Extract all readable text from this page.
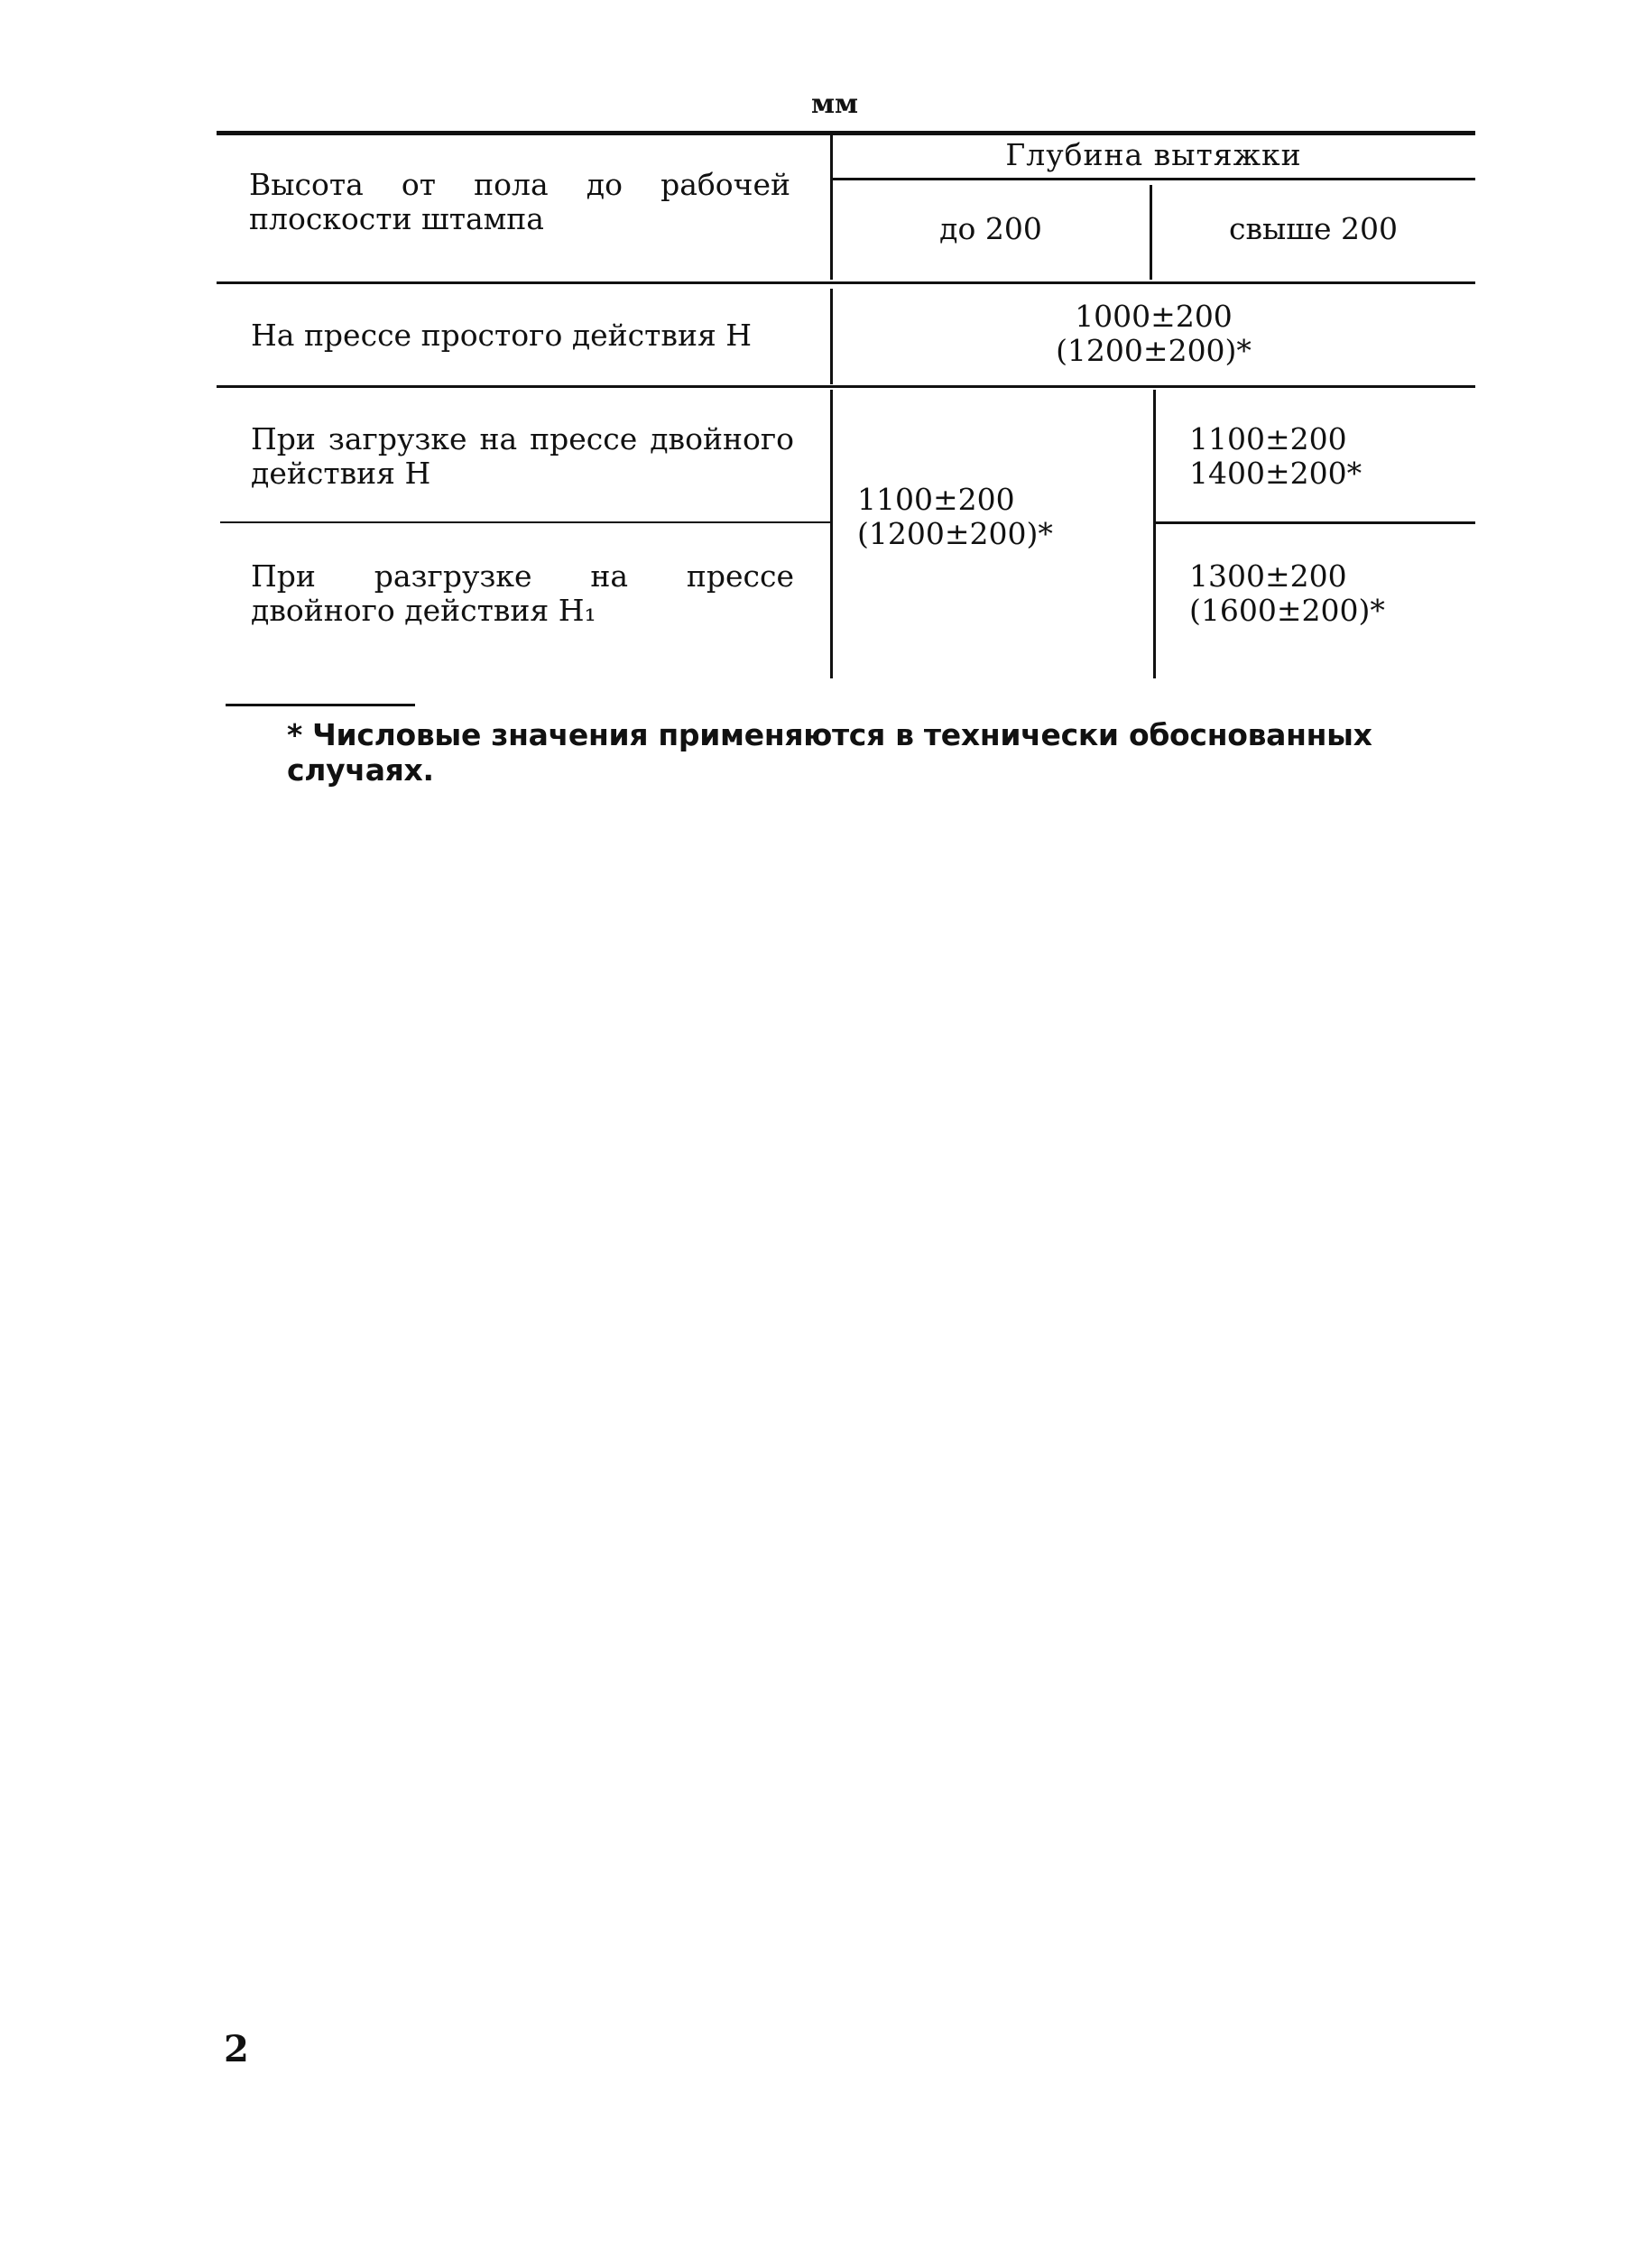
мм
Высота от пола до рабочей плоскости штампа
Глубина вытяжки
до 200	свыше 200
На прессе простого действия H
1000±200
(1200±200)*
При загрузке на прессе двойного действия H
1100±200
1400±200*
1100±200
(1200±200)*
При разгрузке на прессе двойного действия H₁
1300±200
(1600±200)*
* Числовые значения применяются в технически обоснованных случаях.
2
